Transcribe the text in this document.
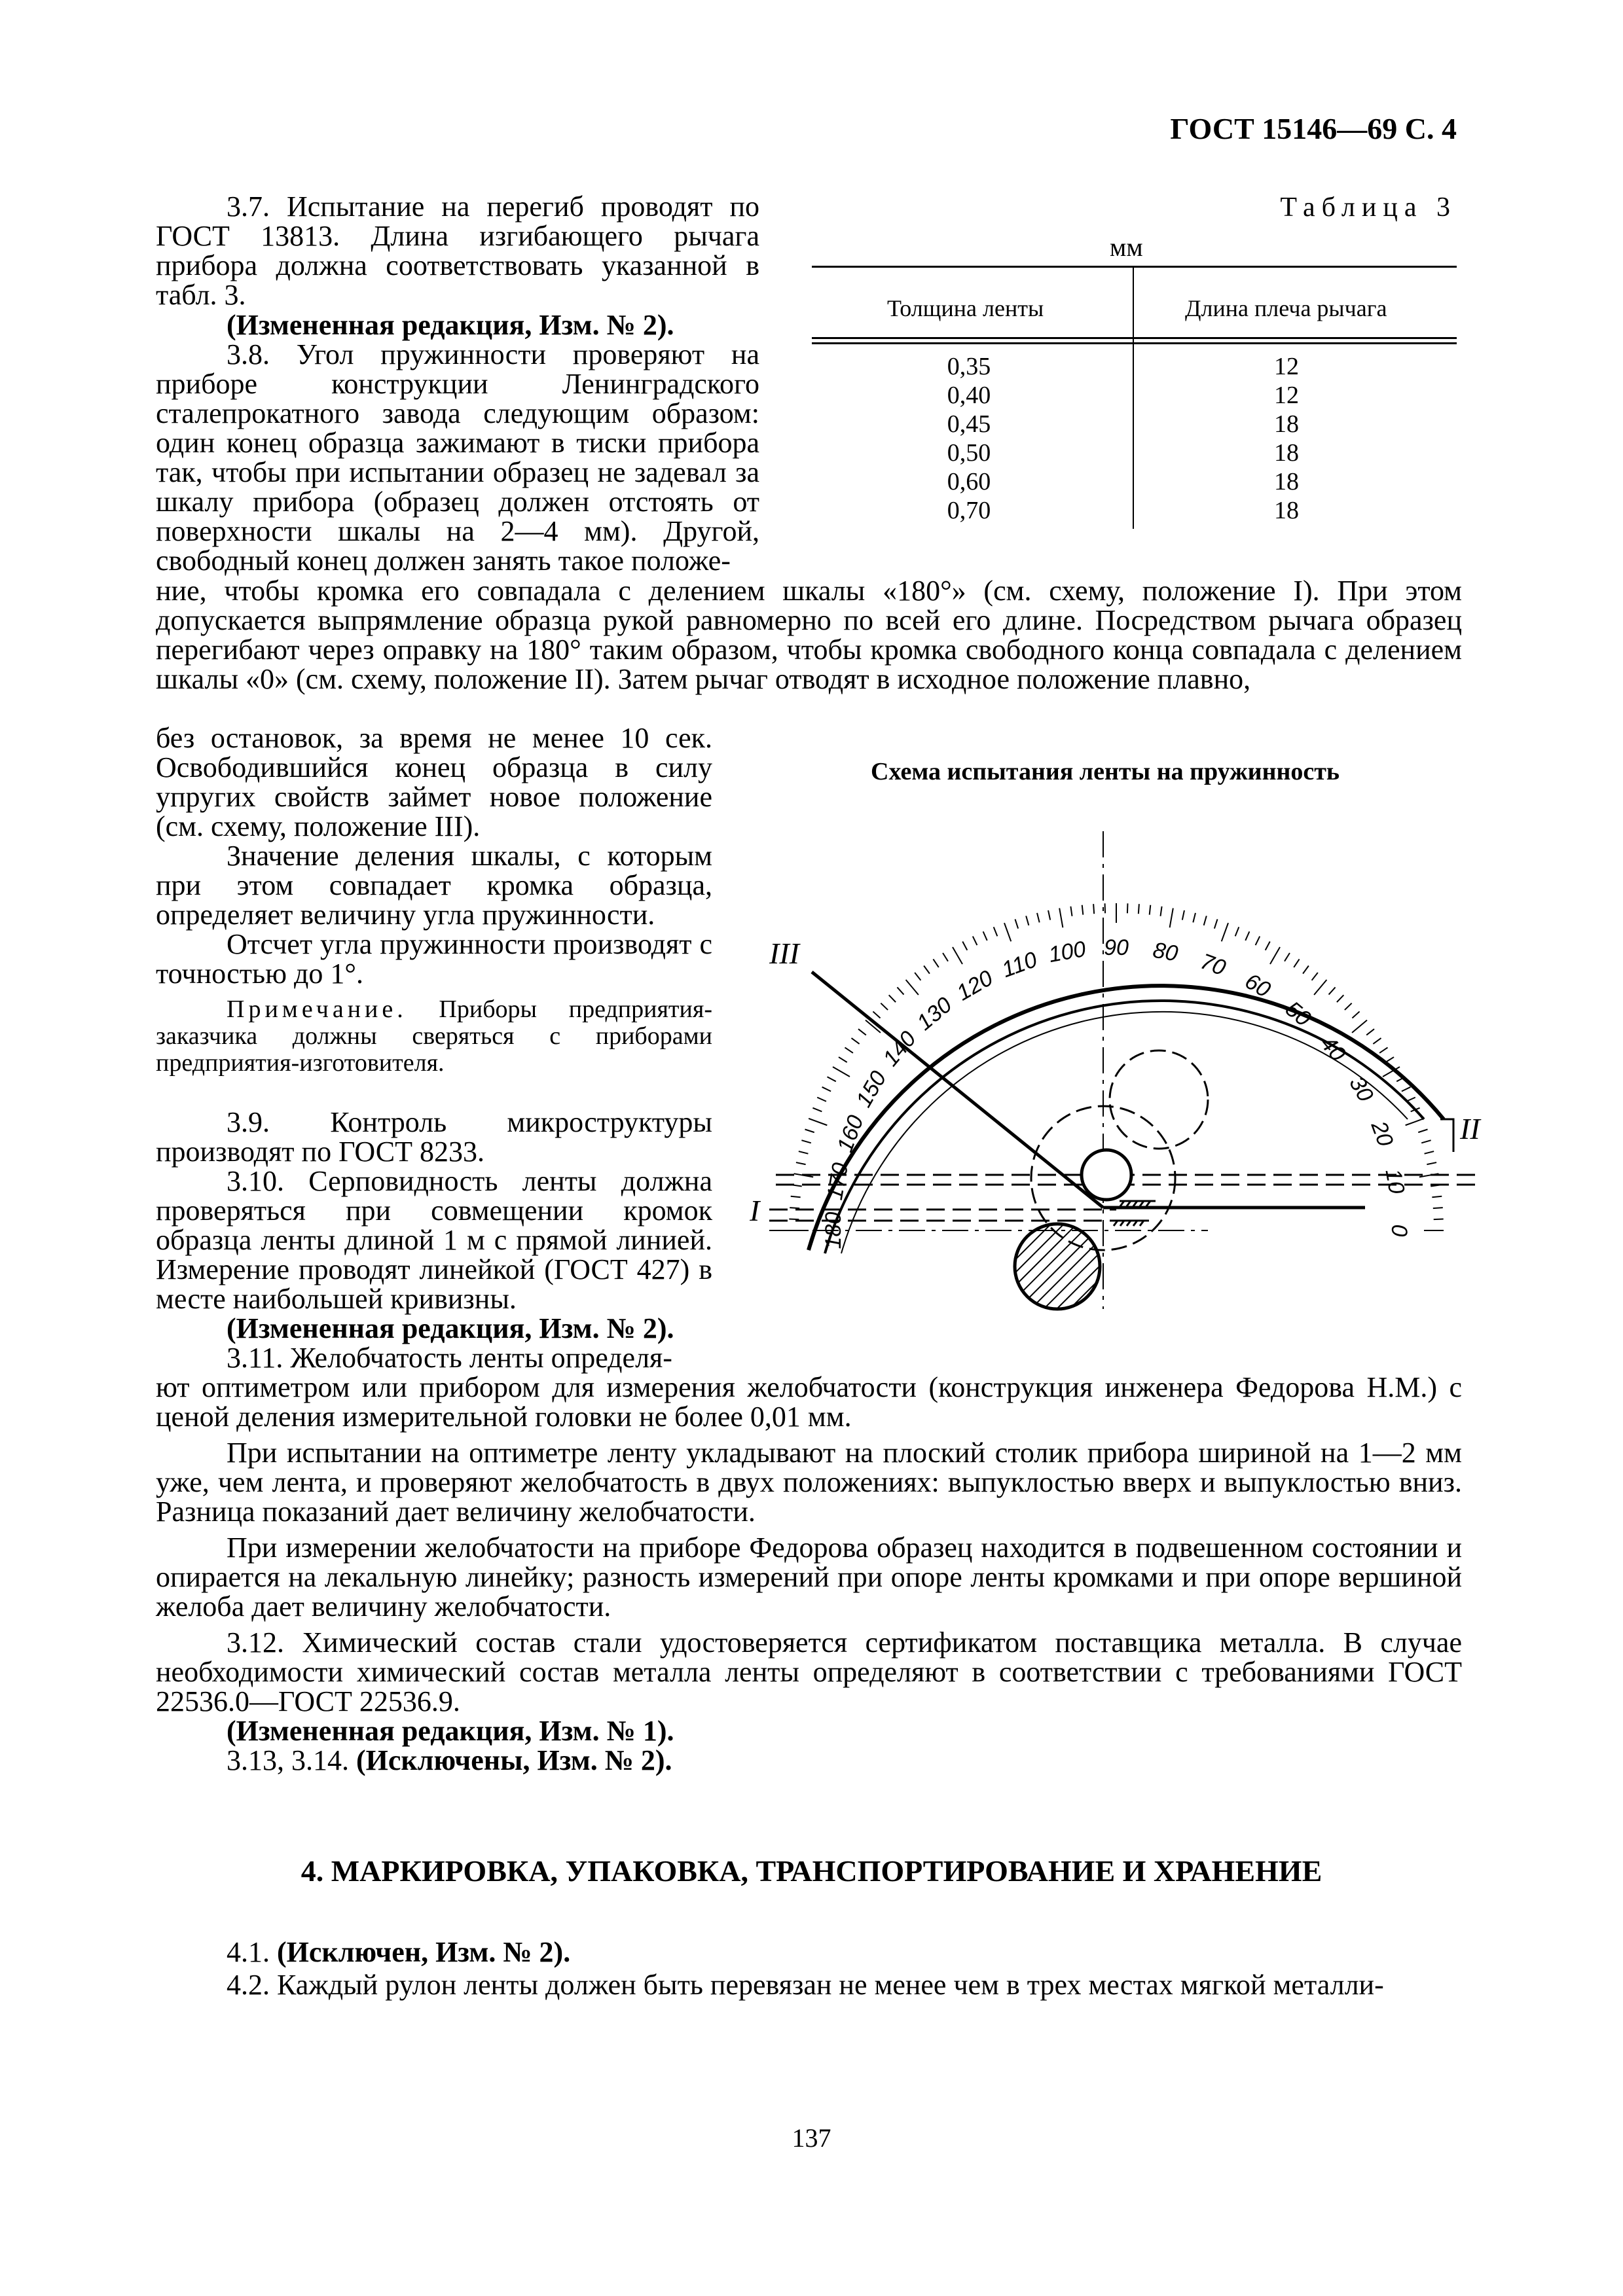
ГОСТ 15146—69 С. 4
Таблица 3
мм
Толщина ленты	Длина плеча рычага
0,35
0,40
0,45
0,50
0,60
0,70
12
12
18
18
18
18

3.7. Испытание на перегиб проводят по ГОСТ 13813. Длина изгибающего рычага прибора должна соответствовать указанной в табл. 3.

(Измененная редакция, Изм. № 2).

3.8. Угол пружинности проверяют на приборе конструкции Ленинградского сталепрокатного завода следующим образом: один конец образца зажимают в тиски прибора так, чтобы при испытании образец не задевал за шкалу прибора (образец должен отстоять от поверхности шкалы на 2—4 мм). Другой, свободный конец должен занять такое положе-

ние, чтобы кромка его совпадала с делением шкалы «180°» (см. схему, положение I). При этом допускается выпрямление образца рукой равномерно по всей его длине. Посредством рычага образец перегибают через оправку на 180° таким образом, чтобы кромка свободного конца совпадала с делением шкалы «0» (см. схему, положение II). Затем рычаг отводят в исходное положение плавно,

без остановок, за время не менее 10 сек. Освободившийся конец образца в силу упругих свойств займет новое положение (см. схему, положение III).

Значение деления шкалы, с которым при этом совпадает кромка образца, определяет величину угла пружинности.

Отсчет угла пружинности производят с точностью до 1°.

Примечание. Приборы предприятия-заказчика должны сверяться с приборами предприятия-изготовителя.

3.9. Контроль микроструктуры производят по ГОСТ 8233.

3.10. Серповидность ленты должна проверяться при совмещении кромок образца ленты длиной 1 м с прямой линией. Измерение проводят линейкой (ГОСТ 427) в месте наибольшей кривизны.

(Измененная редакция, Изм. № 2).
3.11. Желобчатость ленты определя-

ют оптиметром или прибором для измерения желобчатости (конструкция инженера Федорова Н.М.) с ценой деления измерительной головки не более 0,01 мм.

При испытании на оптиметре ленту укладывают на плоский столик прибора шириной на 1—2 мм уже, чем лента, и проверяют желобчатость в двух положениях: выпуклостью вверх и выпуклостью вниз. Разница показаний дает величину желобчатости.

При измерении желобчатости на приборе Федорова образец находится в подвешенном состоянии и опирается на лекальную линейку; разность измерений при опоре ленты кромками и при опоре вершиной желоба дает величину желобчатости.

3.12. Химический состав стали удостоверяется сертификатом поставщика металла. В случае необходимости химический состав металла ленты определяют в соответствии с требованиями ГОСТ 22536.0—ГОСТ 22536.9.

(Измененная редакция, Изм. № 1).
3.13, 3.14. (Исключены, Изм. № 2).
4. МАРКИРОВКА, УПАКОВКА, ТРАНСПОРТИРОВАНИЕ И ХРАНЕНИЕ
4.1. (Исключен, Изм. № 2).
4.2. Каждый рулон ленты должен быть перевязан не менее чем в трех местах мягкой металли-
137
Схема испытания ленты на пружинность
0
10
20
30
40
50
60
70
80
90
100
110
120
130
140
150
160
170
180
III
I
II
